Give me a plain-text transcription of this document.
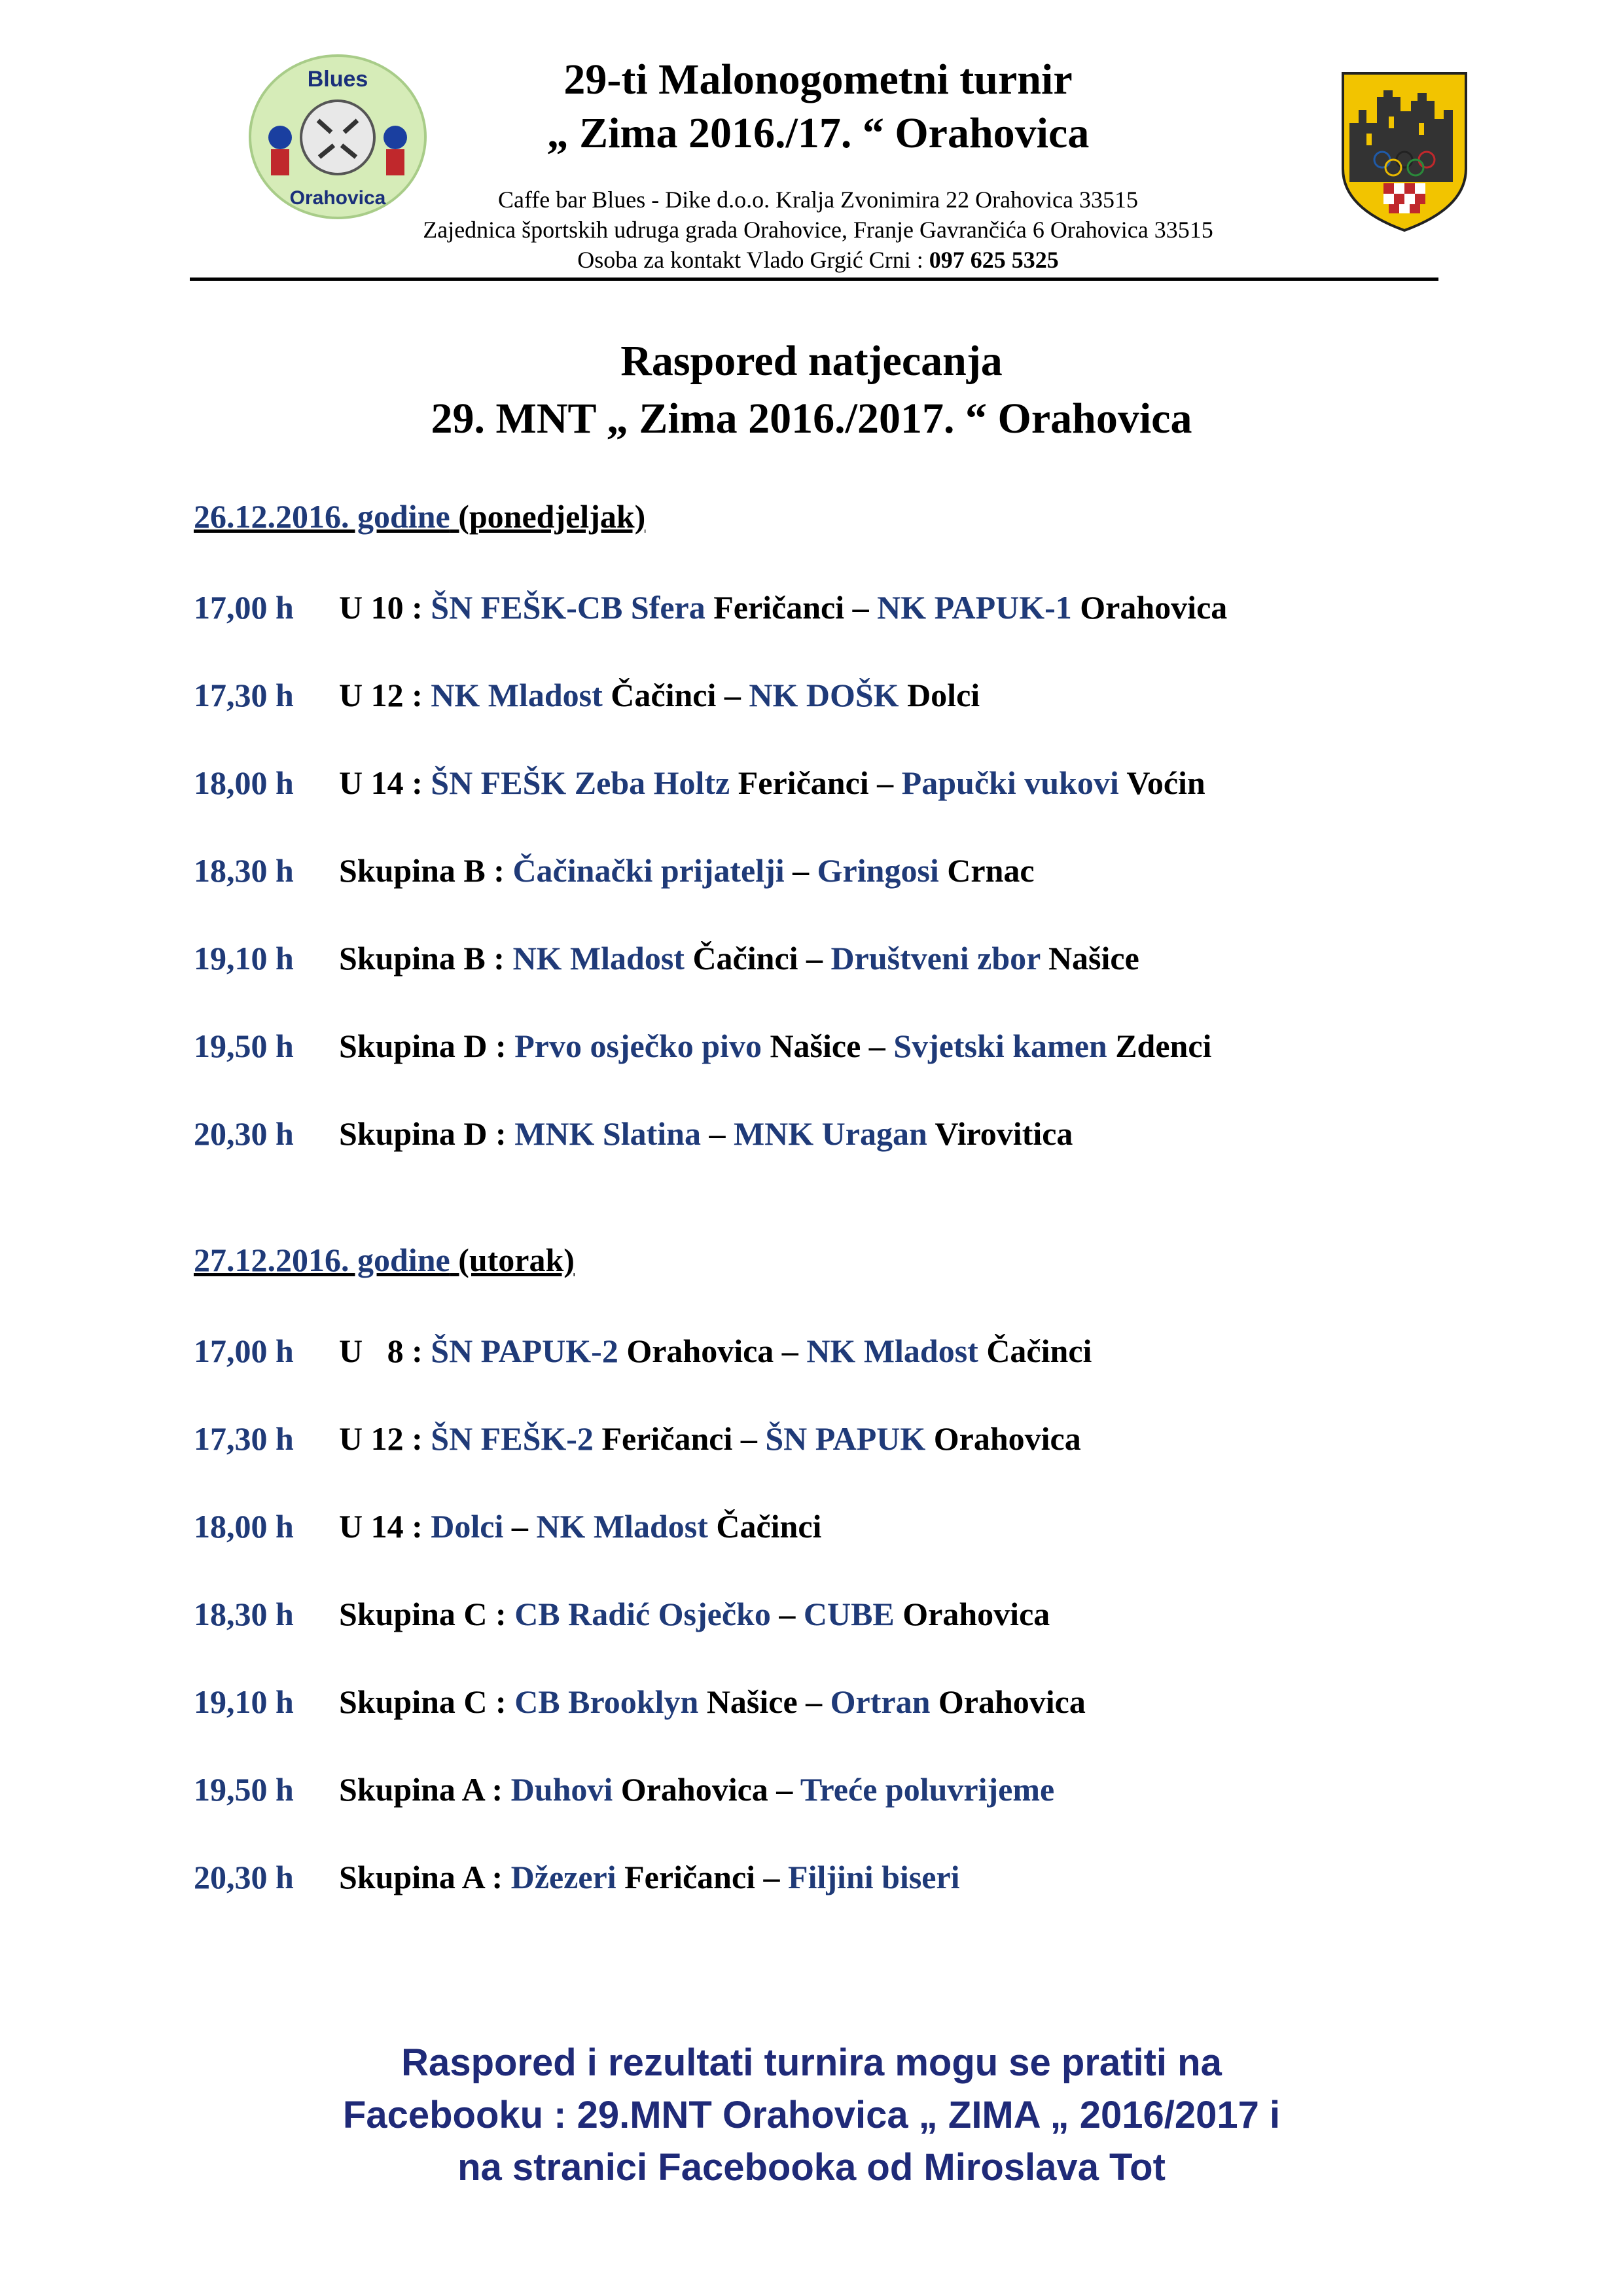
Blues
Orahovica
29-ti Malonogometni turnir
„ Zima 2016./17. “ Orahovica
Caffe bar Blues - Dike d.o.o. Kralja Zvonimira 22 Orahovica 33515
Zajednica športskih udruga grada Orahovice, Franje Gavrančića 6 Orahovica 33515
Osoba za kontakt Vlado Grgić Crni : 097 625 5325
Raspored natjecanja
29. MNT „ Zima 2016./2017. “ Orahovica
26.12.2016. godine (ponedjeljak)
17,00 h U 10 : ŠN FEŠK-CB Sfera Feričanci – NK PAPUK-1 Orahovica
17,30 h U 12 : NK Mladost Čačinci – NK DOŠK Dolci
18,00 h U 14 : ŠN FEŠK Zeba Holtz Feričanci – Papučki vukovi Voćin
18,30 h Skupina B : Čačinački prijatelji – Gringosi Crnac
19,10 h Skupina B : NK Mladost Čačinci – Društveni zbor Našice
19,50 h Skupina D : Prvo osječko pivo Našice – Svjetski kamen Zdenci
20,30 h Skupina D : MNK Slatina – MNK Uragan Virovitica
27.12.2016. godine (utorak)
17,00 h U   8 : ŠN PAPUK-2 Orahovica – NK Mladost Čačinci
17,30 h U 12 : ŠN FEŠK-2 Feričanci – ŠN PAPUK Orahovica
18,00 h U 14 : Dolci – NK Mladost Čačinci
18,30 h Skupina C : CB Radić Osječko – CUBE Orahovica
19,10 h Skupina C : CB Brooklyn Našice – Ortran Orahovica
19,50 h Skupina A : Duhovi Orahovica – Treće poluvrijeme
20,30 h Skupina A : Džezeri Feričanci – Filjini biseri
Raspored i rezultati turnira mogu se pratiti na
Facebooku : 29.MNT Orahovica „ ZIMA „ 2016/2017 i
na stranici Facebooka od Miroslava Tot
